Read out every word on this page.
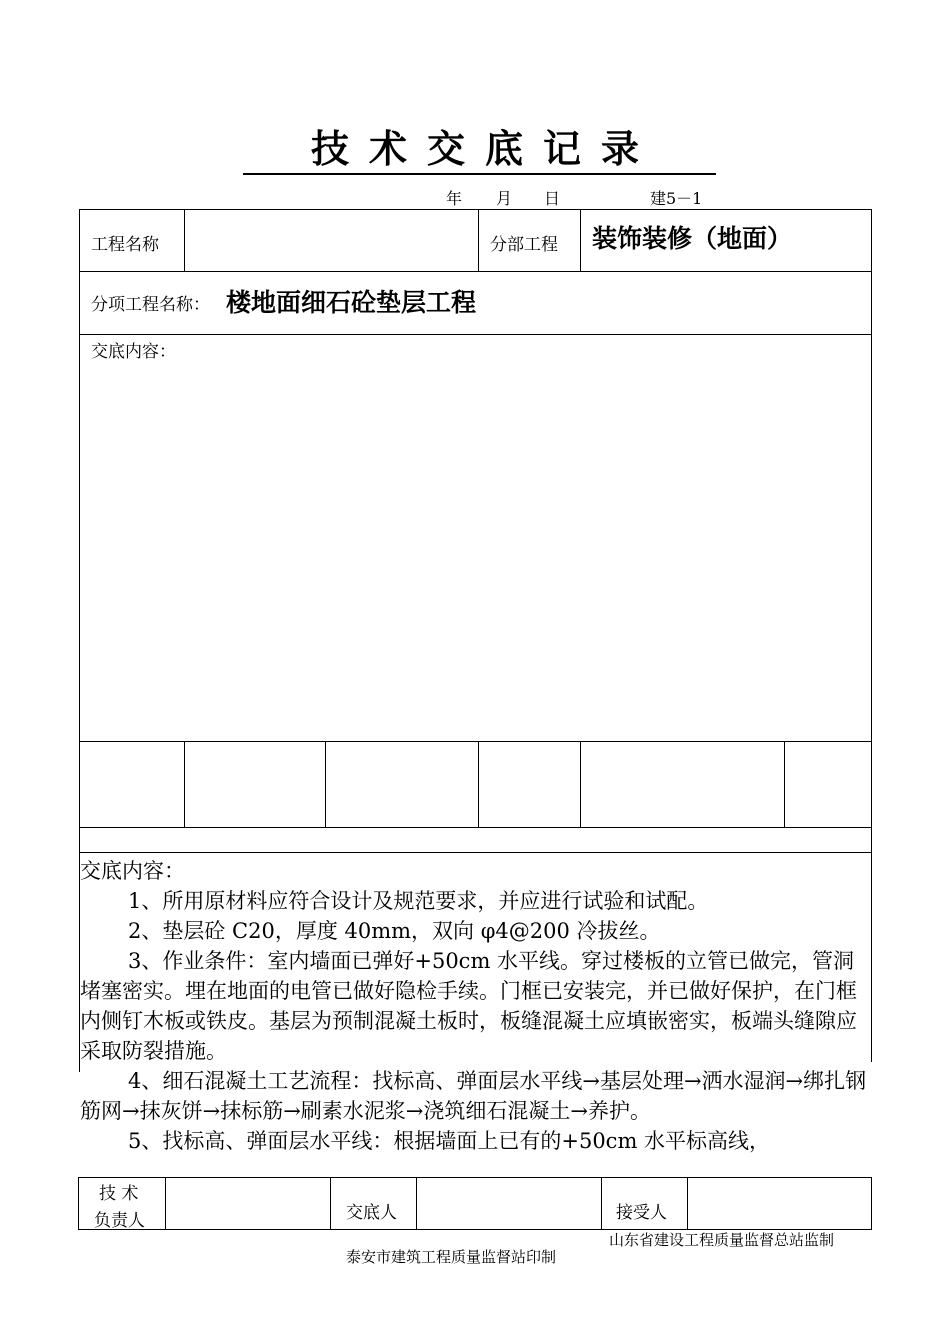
技术交底记录
年 月 日	建5－1
工程名称	分部工程 装饰装修（地面）
分项工程名称： 楼地面细石砼垫层工程
交底内容：

交底内容：

1、所用原材料应符合设计及规范要求，并应进行试验和试配。

2、垫层砼 C20，厚度 40mm，双向 φ4@200 冷拔丝。

3、作业条件：室内墙面已弹好+50cm 水平线。穿过楼板的立管已做完，管洞堵塞密实。埋在地面的电管已做好隐检手续。门框已安装完，并已做好保护，在门框内侧钉木板或铁皮。基层为预制混凝土板时，板缝混凝土应填嵌密实，板端头缝隙应采取防裂措施。

4、细石混凝土工艺流程：找标高、弹面层水平线→基层处理→洒水湿润→绑扎钢筋网→抹灰饼→抹标筋→刷素水泥浆→浇筑细石混凝土→养护。

5、找标高、弹面层水平线：根据墙面上已有的+50cm 水平标高线，

技 术
负责人	交底人	接受人
山东省建设工程质量监督总站监制
泰安市建筑工程质量监督站印制
